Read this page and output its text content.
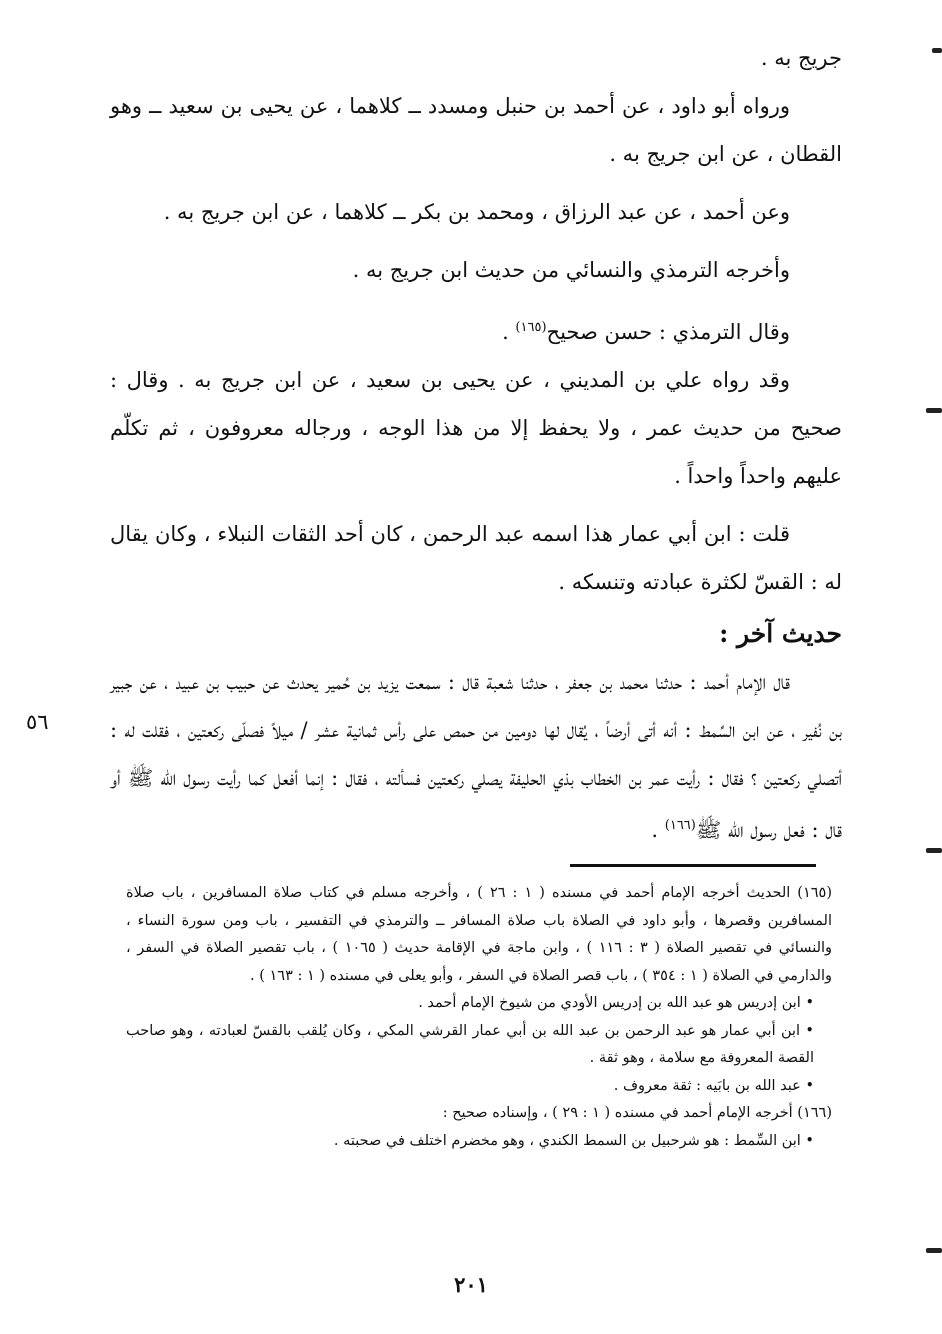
جريج به .

ورواه أبو داود ، عن أحمد بن حنبل ومسدد ــ كلاهما ، عن يحيى بن سعيد ــ وهو القطان ، عن ابن جريج به .

وعن أحمد ، عن عبد الرزاق ، ومحمد بن بكر ــ كلاهما ، عن ابن جريج به .

وأخرجه الترمذي والنسائي من حديث ابن جريج به .

وقال الترمذي : حسن صحيح$^{(١٦٥)}$ .

وقد رواه علي بن المديني ، عن يحيى بن سعيد ، عن ابن جريج به . وقال : صحيح من حديث عمر ، ولا يحفظ إلا من هذا الوجه ، ورجاله معروفون ، ثم تكلّم عليهم واحداً واحداً .

قلت : ابن أبي عمار هذا اسمه عبد الرحمن ، كان أحد الثقات النبلاء ، وكان يقال له : القسّ لكثرة عبادته وتنسكه .

حديث آخر :

قال الإمام أحمد : حدثنا محمد بن جعفر ، حدثنا شعبة قال : سمعت يزيد بن حُمير يحدث عن حبيب بن عبيد ، عن جبير بن نُفير ، عن ابن السِّمط : أنه أتى أرضاً ، يُقال لها دومين من حمص على رأس ثمانية عشر / ميلاً فصلّى ركعتين ، فقلت له : أتصلي ركعتين ؟ فقال : رأيت عمر بن الخطاب بذي الحليفة يصلي ركعتين فسألته ، فقال : إنما أفعل كما رأيت رسول الله ﷺ أو قال : فعل رسول الله ﷺ$^{(١٦٦)}$ .

٥٦

(١٦٥) الحديث أخرجه الإمام أحمد في مسنده ( ١ : ٢٦ ) ، وأخرجه مسلم في كتاب صلاة المسافرين ، باب صلاة المسافرين وقصرها ، وأبو داود في الصلاة باب صلاة المسافر ــ والترمذي في التفسير ، باب ومن سورة النساء ، والنسائي في تقصير الصلاة ( ٣ : ١١٦ ) ، وابن ماجة في الإقامة حديث ( ١٠٦٥ ) ، باب تقصير الصلاة في السفر ، والدارمي في الصلاة ( ١ : ٣٥٤ ) ، باب قصر الصلاة في السفر ، وأبو يعلى في مسنده ( ١ : ١٦٣ ) .

• ابن إدريس هو عبد الله بن إدريس الأودي من شيوخ الإمام أحمد .

• ابن أبي عمار هو عبد الرحمن بن عبد الله بن أبي عمار القرشي المكي ، وكان يُلقب بالقسّ لعبادته ، وهو صاحب القصة المعروفة مع سلامة ، وهو ثقة .

• عبد الله بن بابَيه : ثقة معروف .

(١٦٦) أخرجه الإمام أحمد في مسنده ( ١ : ٢٩ ) ، وإسناده صحيح :

• ابن السِّمط : هو شرحبيل بن السمط الكندي ، وهو مخضرم اختلف في صحبته .

٢٠١
